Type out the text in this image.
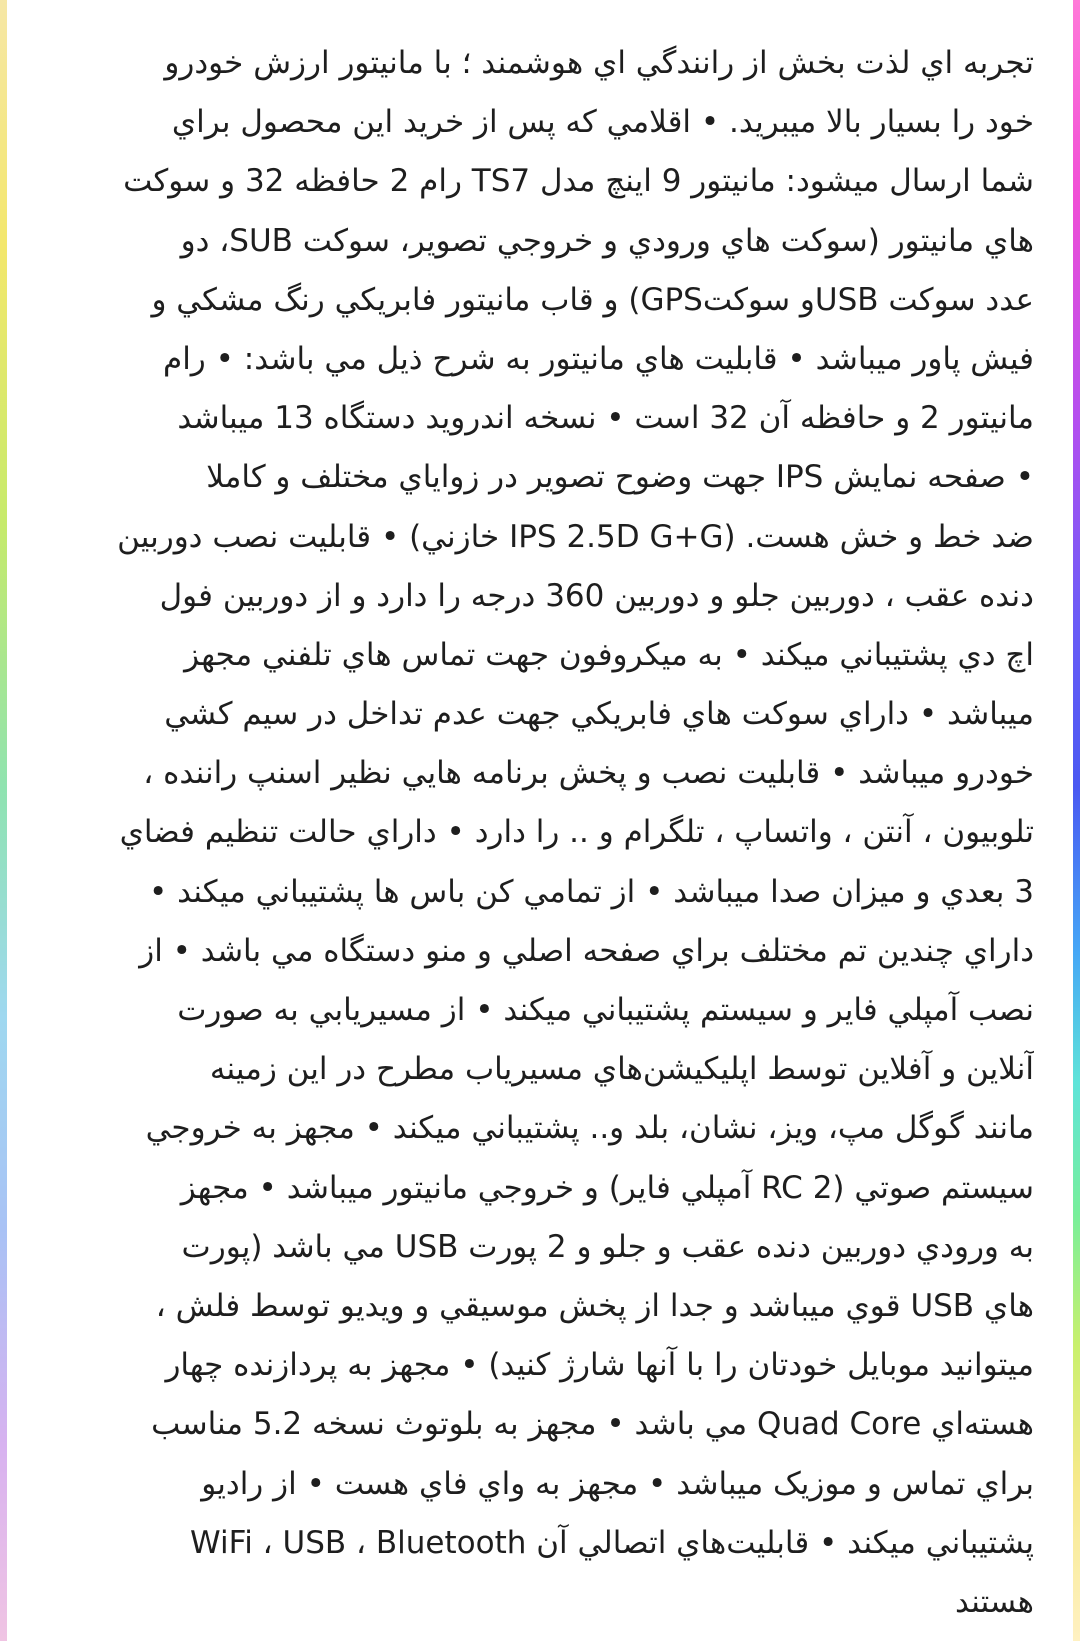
تجربه اي لذت بخش از رانندگي اي هوشمند ؛ با مانيتور ارزش خودرو
خود را بسيار بالا ميبريد. • اقلامي كه پس از خريد اين محصول براي
شما ارسال ميشود: مانيتور 9 اينچ مدل TS7 رام 2 حافظه 32 و سوکت
هاي مانيتور (سوكت هاي ورودي و خروجي تصوير، سوکت SUB، دو
عدد سوکت USBو سوكتGPS) و قاب مانيتور فابريکي رنگ مشکي و
فيش پاور ميباشد • قابليت هاي مانيتور به شرح ذيل مي باشد: • رام
مانيتور 2 و حافظه آن 32 است • نسخه اندرويد دستگاه 13 ميباشد
• صفحه نمايش IPS جهت وضوح تصوير در زواياي مختلف و كاملا
ضد خط و خش هست. (IPS 2.5D G+G خازني) • قابليت نصب دوربين
دنده عقب ، دوربين جلو و دوربين 360 درجه را دارد و از دوربين فول
اچ دي پشتيباني ميكند • به ميكروفون جهت تماس هاي تلفني مجهز
ميباشد • داراي سوکت هاي فابريکي جهت عدم تداخل در سيم كشي
خودرو ميباشد • قابليت نصب و پخش برنامه هايي نظير اسنپ راننده ،
تلوبيون ، آنتن ، واتساپ ، تلگرام و .. را دارد • داراي حالت تنظيم فضاي
3 بعدي و ميزان صدا ميباشد • از تمامي کن باس ها پشتيباني ميکند •
داراي چندين تم مختلف براي صفحه اصلي و منو دستگاه مي باشد • از
نصب آمپلي فاير و سيستم پشتيباني ميكند • از مسيريابي به صورت
آنلاين و آفلاين توسط اپليکيشن‌هاي مسيرياب مطرح در اين زمينه
مانند گوگل مپ، ويز، نشان، بلد و.. پشتيباني ميکند • مجهز به خروجي
سيستم صوتي (2 RC آمپلي فاير) و خروجي مانيتور ميباشد • مجهز
به ورودي دوربين دنده عقب و جلو و 2 پورت USB مي باشد (پورت
هاي USB قوي ميباشد و جدا از پخش موسيقي و ويديو توسط فلش ،
ميتوانيد موبايل خودتان را با آنها شارژ كنيد) • مجهز به پردازنده چهار
هسته‌اي Quad Core مي باشد • مجهز به بلوتوث نسخه 5.2 مناسب
براي تماس و موزيک ميباشد • مجهز به واي فاي هست • از راديو
پشتيباني ميکند • قابليت‌هاي اتصالي آن WiFi ، USB ، Bluetooth
هستند
